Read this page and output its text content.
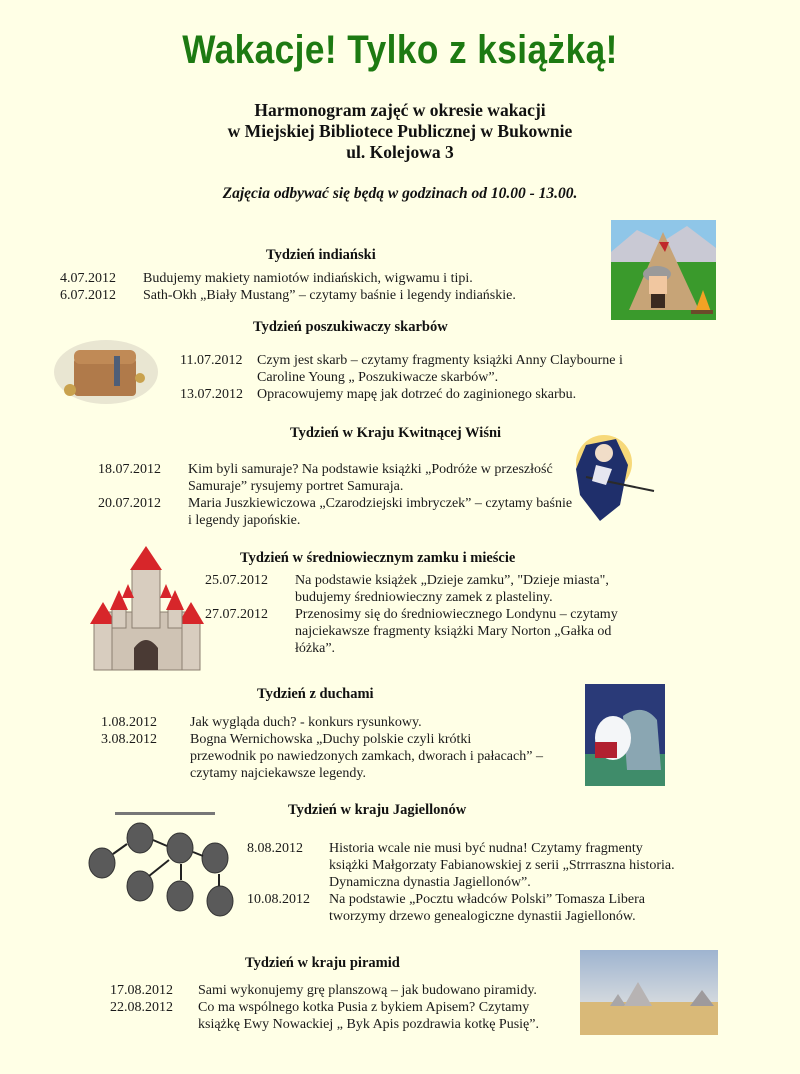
Wakacje! Tylko z książką!
Harmonogram zajęć w okresie wakacji
w Miejskiej Bibliotece Publicznej w Bukownie
ul. Kolejowa 3
Zajęcia odbywać się będą w godzinach od 10.00 - 13.00.
Tydzień indiański
4.07.2012 Budujemy makiety namiotów indiańskich, wigwamu i tipi.
6.07.2012 Sath-Okh „Biały Mustang” – czytamy baśnie i legendy indiańskie.
Tydzień poszukiwaczy skarbów
11.07.2012 Czym jest skarb – czytamy fragmenty książki Anny Claybourne i
Caroline Young „ Poszukiwacze skarbów”.
13.07.2012 Opracowujemy mapę jak dotrzeć do zaginionego skarbu.
Tydzień w Kraju Kwitnącej Wiśni
18.07.2012 Kim byli samuraje? Na podstawie książki „Podróże w przeszłość
Samuraje” rysujemy portret Samuraja.
20.07.2012 Maria Juszkiewiczowa „Czarodziejski imbryczek” – czytamy baśnie
i legendy japońskie.
Tydzień w średniowiecznym zamku i mieście
25.07.2012 Na podstawie książek „Dzieje zamku”, "Dzieje miasta",
budujemy średniowieczny zamek z plasteliny.
27.07.2012 Przenosimy się do średniowiecznego Londynu – czytamy
najciekawsze fragmenty książki Mary Norton „Gałka od
łóżka”.
Tydzień z duchami
1.08.2012 Jak wygląda duch? - konkurs rysunkowy.
3.08.2012 Bogna Wernichowska „Duchy polskie czyli krótki
przewodnik po nawiedzonych zamkach, dworach i pałacach” –
czytamy najciekawsze legendy.
Tydzień w kraju Jagiellonów
8.08.2012 Historia wcale nie musi być nudna! Czytamy fragmenty
książki Małgorzaty Fabianowskiej z serii „Strrraszna historia.
Dynamiczna dynastia Jagiellonów”.
10.08.2012 Na podstawie „Pocztu władców Polski” Tomasza Libera
tworzymy drzewo genealogiczne dynastii Jagiellonów.
Tydzień w kraju piramid
17.08.2012 Sami wykonujemy grę planszową – jak budowano piramidy.
22.08.2012 Co ma wspólnego kotka Pusia z bykiem Apisem? Czytamy
książkę Ewy Nowackiej „ Byk Apis pozdrawia kotkę Pusię”.
